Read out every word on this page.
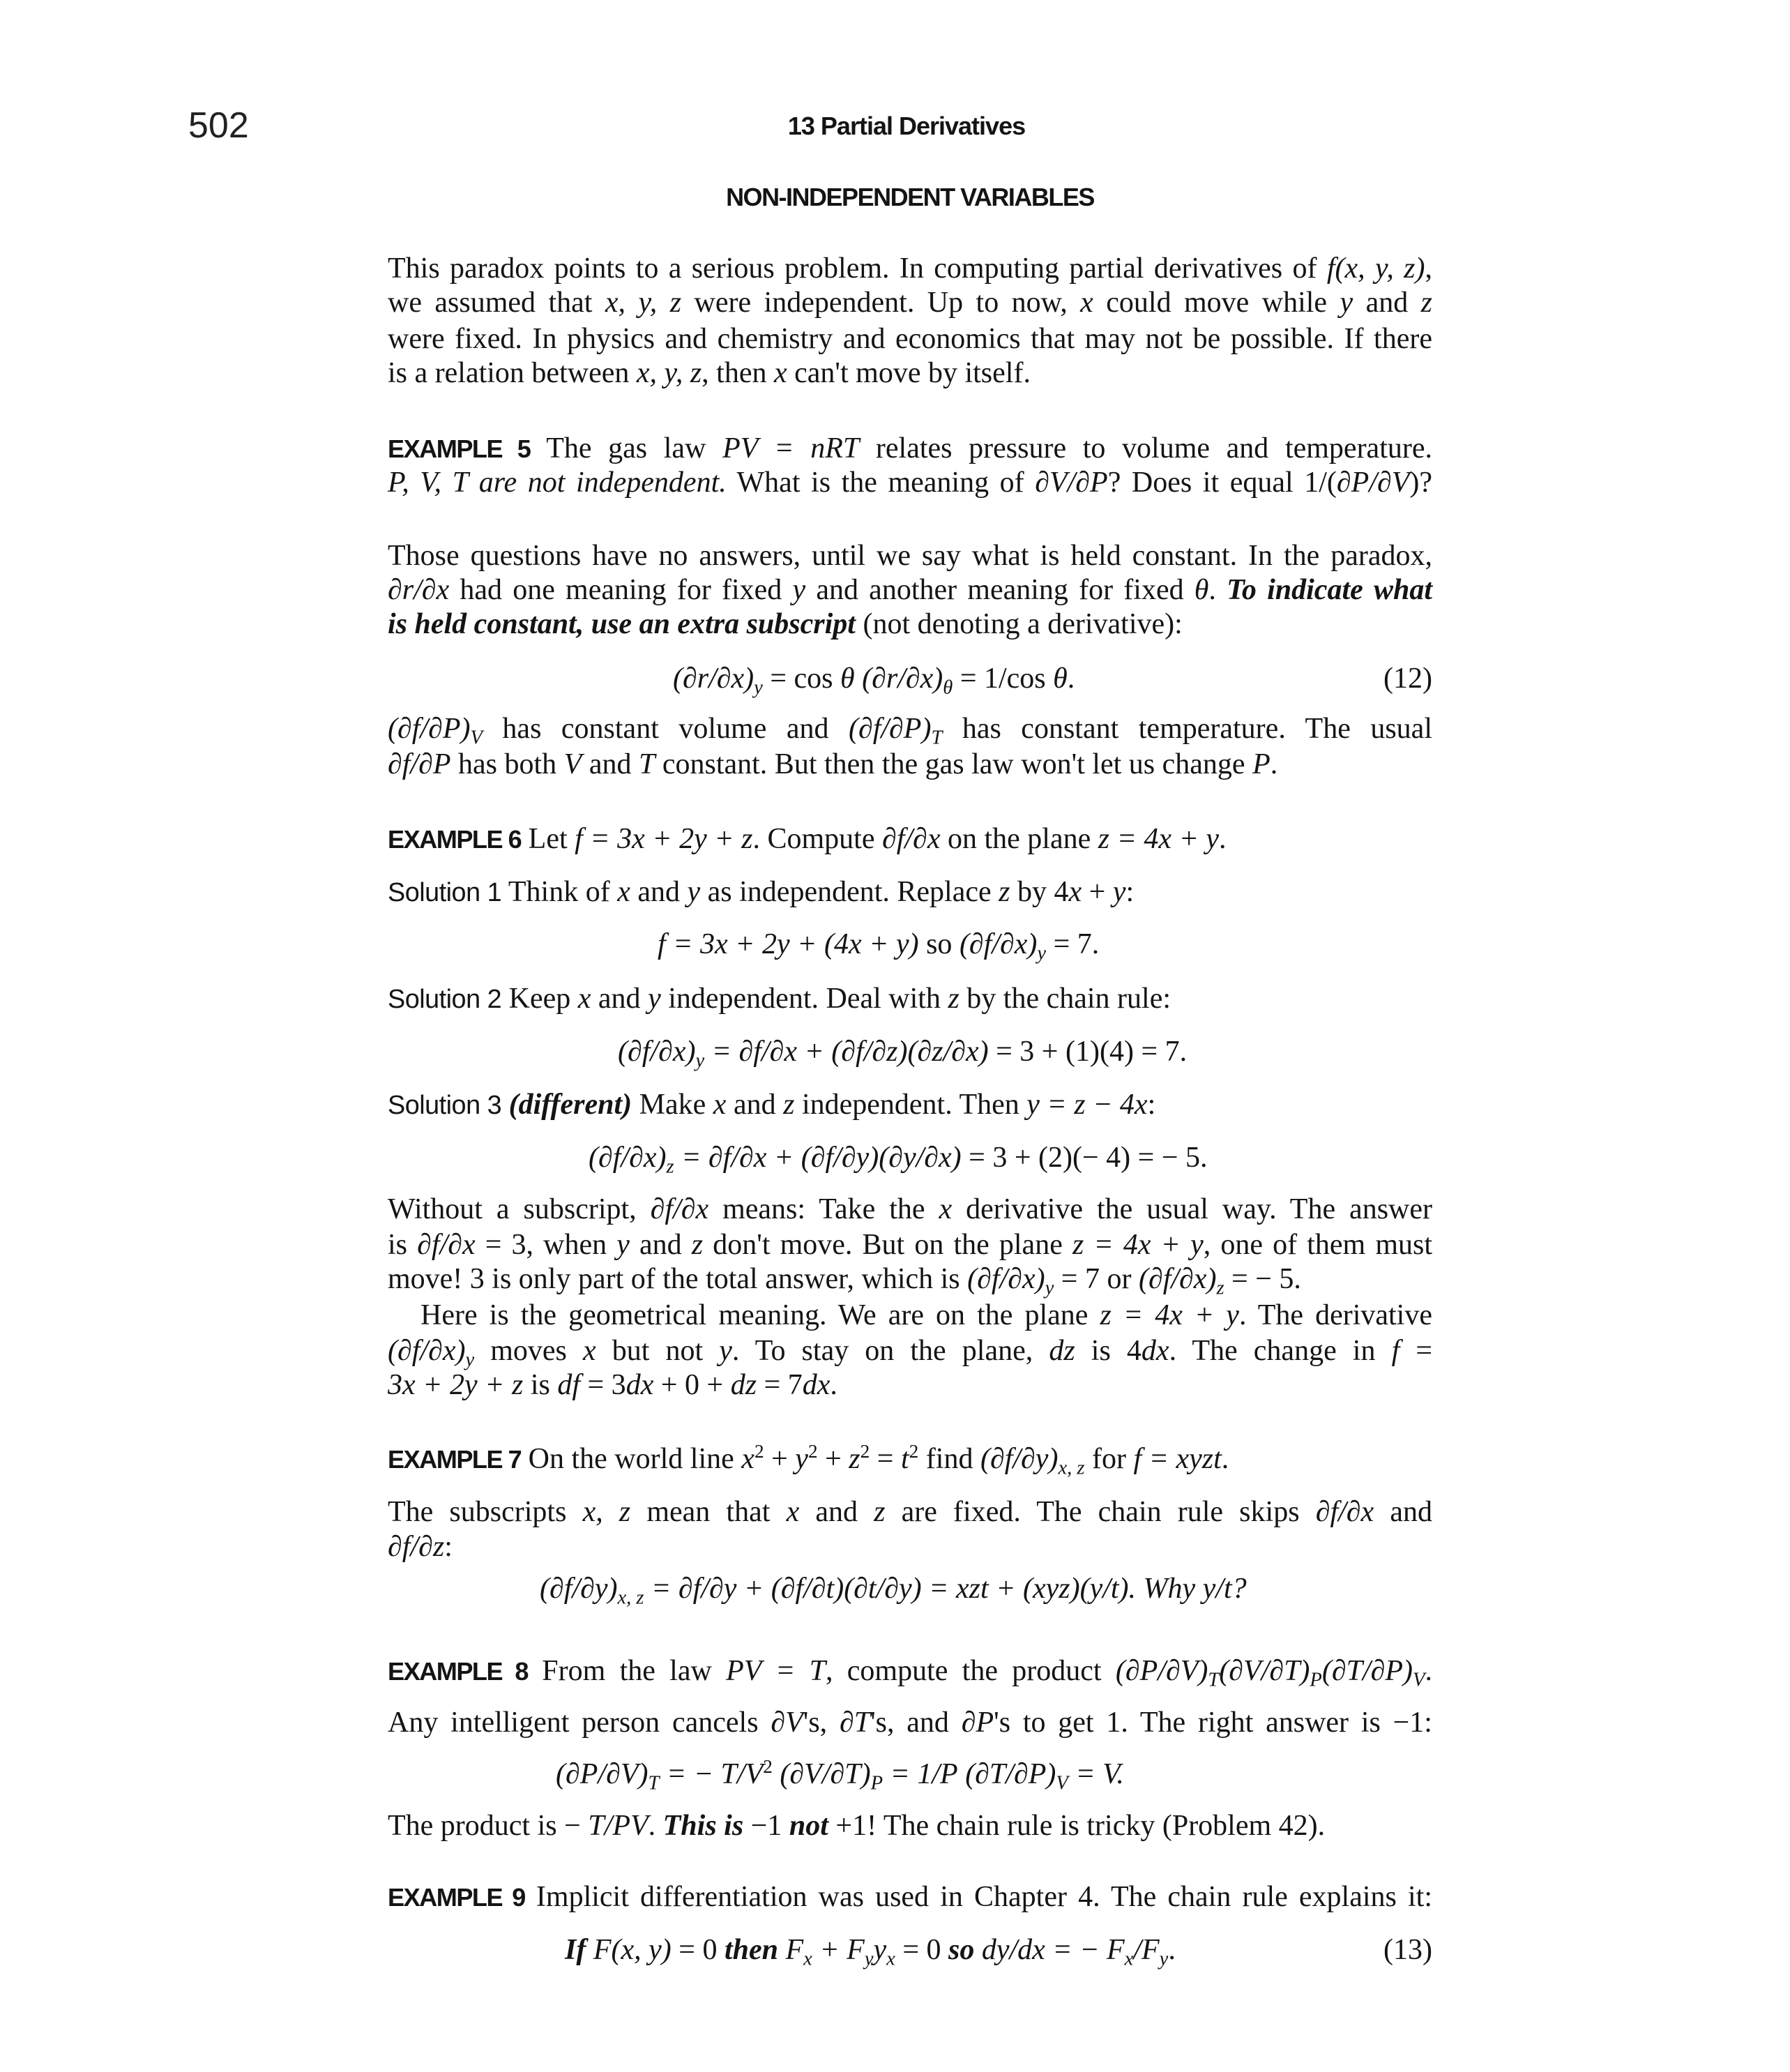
502	13 Partial Derivatives
NON-INDEPENDENT VARIABLES
This paradox points to a serious problem. In computing partial derivatives of f(x, y, z),
we assumed that x, y, z were independent. Up to now, x could move while y and z
were fixed. In physics and chemistry and economics that may not be possible. If there
is a relation between x, y, z, then x can't move by itself.
EXAMPLE 5 The gas law PV = nRT relates pressure to volume and temperature.
P, V, T are not independent. What is the meaning of ∂V/∂P? Does it equal 1/(∂P/∂V)?
Those questions have no answers, until we say what is held constant. In the paradox,
∂r/∂x had one meaning for fixed y and another meaning for fixed θ. To indicate what
is held constant, use an extra subscript (not denoting a derivative):
$(\partial r/\partial x)_y = \cos \theta$ $(\partial r/\partial x)_\theta = 1/\cos$ θ.	(12)
$(\partial f/\partial P)_V$ has constant volume and $(\partial f/\partial P)_T$ has constant temperature. The usual
∂f/∂P has both V and T constant. But then the gas law won't let us change P.
EXAMPLE 6 Let f = 3x + 2y + z. Compute ∂f/∂x on the plane z = 4x + y.
Solution 1 Think of x and y as independent. Replace z by 4x + y:
f = 3x + 2y + (4x + y) so $(\partial f/\partial x)_y = 7$.
Solution 2 Keep x and y independent. Deal with z by the chain rule:
$(\partial f/\partial x)_y = \partial f/\partial x + (\partial f/\partial z)(\partial z/\partial x) = 3 + (1)(4) = 7$.
Solution 3 (different) Make x and z independent. Then y = z − 4x:
$(\partial f/\partial x)_z = \partial f/\partial x + (\partial f/\partial y)(\partial y/\partial x) = 3 + (2)(- 4)$ = − 5.
Without a subscript, ∂f/∂x means: Take the x derivative the usual way. The answer
is ∂f/∂x = 3, when y and z don't move. But on the plane z = 4x + y, one of them must
move! 3 is only part of the total answer, which is $(\partial f/\partial x)_y = 7$ or $(\partial f/\partial x)_z$ = − 5.
Here is the geometrical meaning. We are on the plane z = 4x + y. The derivative
$(\partial f/\partial x)_y$ moves x but not y. To stay on the plane, dz is 4dx. The change in f =
3x + 2y + z is df = 3dx + 0 + dz = 7dx.
EXAMPLE 7 On the world line $x^2 + y^2 + z^2 = t^2$ find $(\partial f/\partial y)_{x, z}$ for f = xyzt.
The subscripts x, z mean that x and z are fixed. The chain rule skips ∂f/∂x and
∂f/∂z:
$(\partial f/\partial y)_{x, z} = \partial f/\partial y + (\partial f/\partial t)(\partial t/\partial y)$ = xzt + (xyz)(y/t). Why y/t?
EXAMPLE 8 From the law PV = T, compute the product $(\partial P/\partial V)_T(\partial V/\partial T)_P(\partial T/\partial P)_V$.
Any intelligent person cancels ∂V's, ∂T's, and ∂P's to get 1. The right answer is −1:
$(\partial P/\partial V)_T$ = − $T/V^2$ $(\partial V/\partial T)_P = 1/P$ $(\partial T/\partial P)_V = V$.
The product is − T/PV. This is −1 not +1! The chain rule is tricky (Problem 42).
EXAMPLE 9 Implicit differentiation was used in Chapter 4. The chain rule explains it:
If F(x, y) = 0 then $F_x + F_yy_x = 0$ so dy/dx = − $F_x/F_y$.	(13)
